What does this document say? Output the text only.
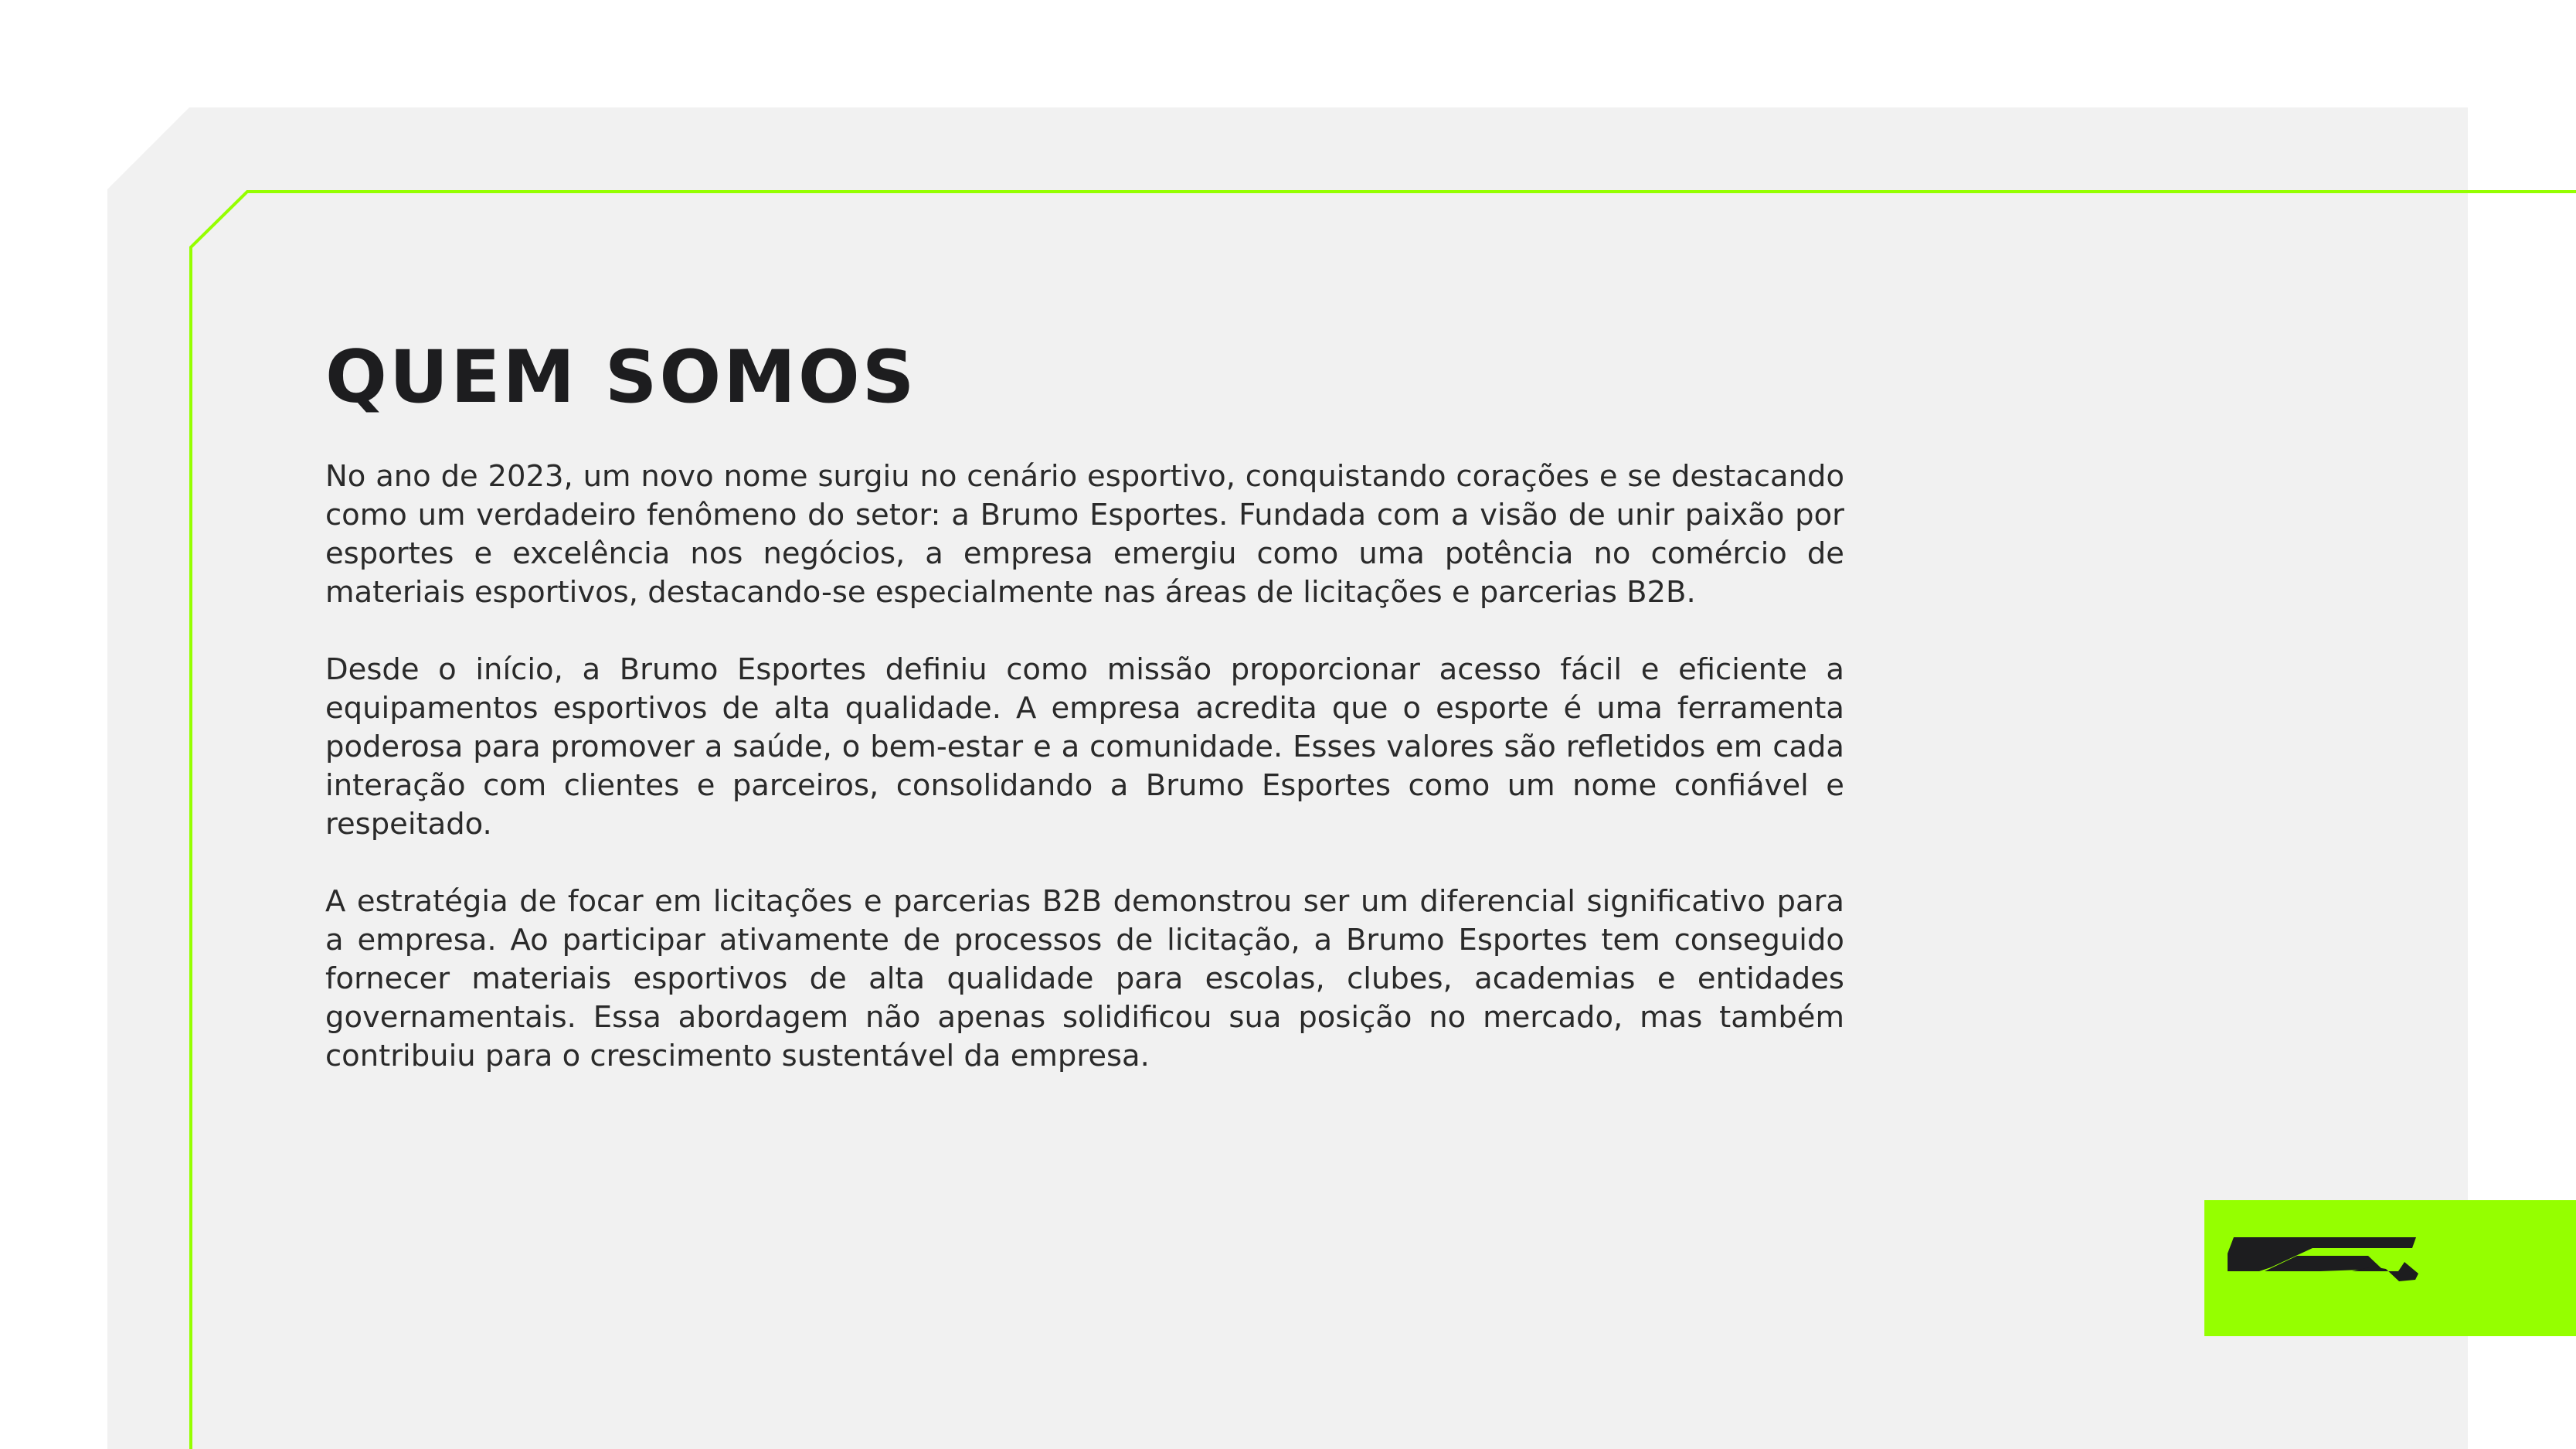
QUEM SOMOS

No ano de 2023, um novo nome surgiu no cenário esportivo, conquistando corações e se destacando como um verdadeiro fenômeno do setor: a Brumo Esportes. Fundada com a visão de unir paixão por esportes e excelência nos negócios, a empresa emergiu como uma potência no comércio de materiais esportivos, destacando-se especialmente nas áreas de licitações e parcerias B2B.

Desde o início, a Brumo Esportes definiu como missão proporcionar acesso fácil e eficiente a equipamentos esportivos de alta qualidade. A empresa acredita que o esporte é uma ferramenta poderosa para promover a saúde, o bem-estar e a comunidade. Esses valores são refletidos em cada interação com clientes e parceiros, consolidando a Brumo Esportes como um nome confiável e respeitado.

A estratégia de focar em licitações e parcerias B2B demonstrou ser um diferencial significativo para a empresa. Ao participar ativamente de processos de licitação, a Brumo Esportes tem conseguido fornecer materiais esportivos de alta qualidade para escolas, clubes, academias e entidades governamentais. Essa abordagem não apenas solidificou sua posição no mercado, mas também contribuiu para o crescimento sustentável da empresa.
